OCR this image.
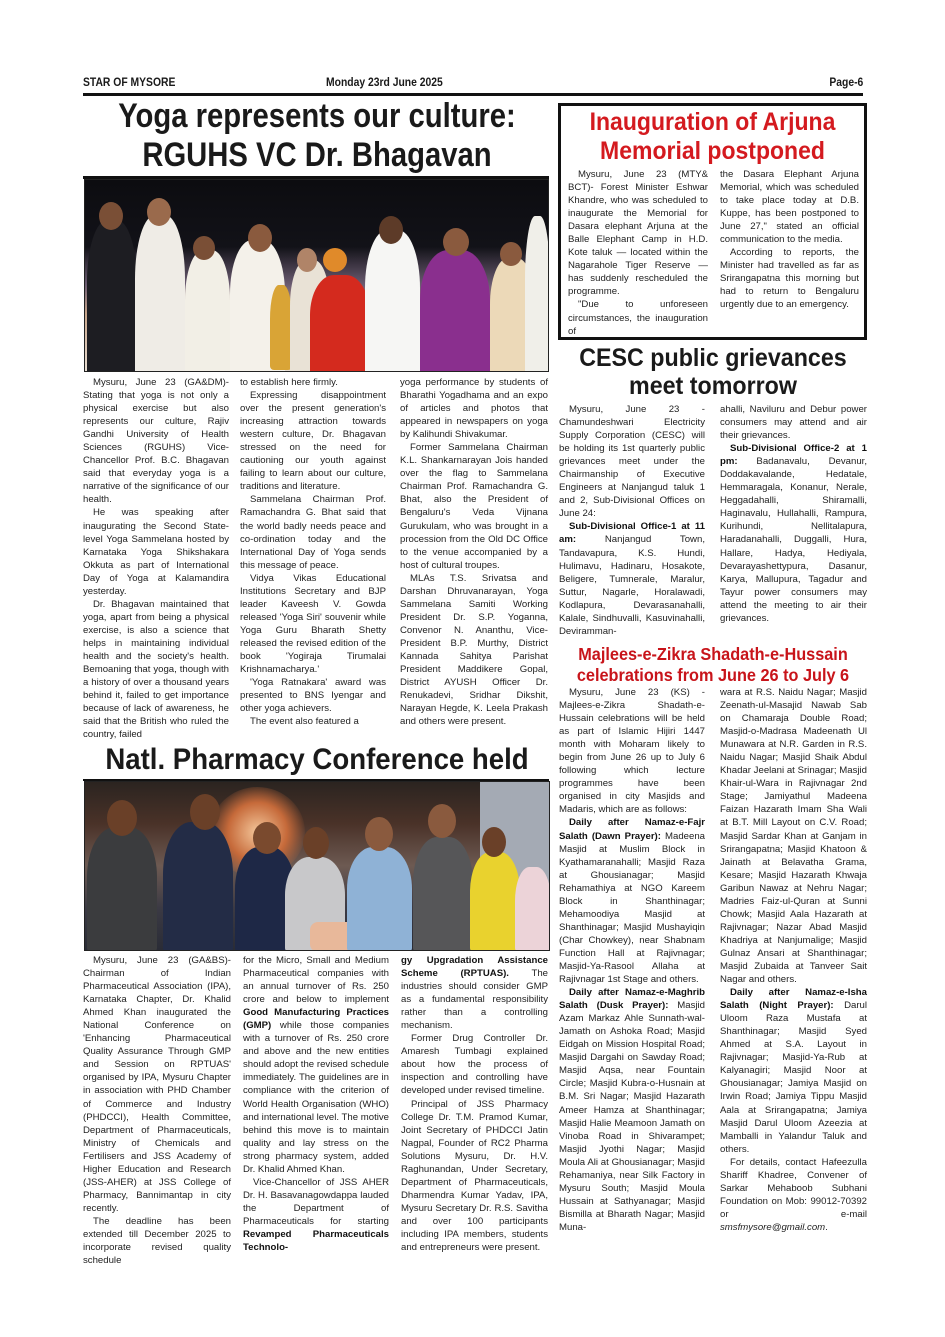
STAR OF MYSORE	Monday 23rd June 2025	Page-6
Yoga represents our culture:
RGUHS VC Dr. Bhagavan

Mysuru, June 23 (GA&DM)- Stating that yoga is not only a physical exercise but also represents our culture, Rajiv Gandhi University of Health Sciences (RGUHS) Vice-Chancellor Prof. B.C. Bhagavan said that everyday yoga is a narrative of the significance of our health.

He was speaking after inaugurating the Second State-level Yoga Sammelana hosted by Karnataka Yoga Shikshakara Okkuta as part of International Day of Yoga at Kalamandira yesterday.

Dr. Bhagavan maintained that yoga, apart from being a physical exercise, is also a science that helps in maintaining individual health and the society's health. Bemoaning that yoga, though with a history of over a thousand years behind it, failed to get importance because of lack of awareness, he said that the British who ruled the country, failed

to establish here firmly.

Expressing disappointment over the present generation's increasing attraction towards western culture, Dr. Bhagavan stressed on the need for cautioning our youth against failing to learn about our culture, traditions and literature.

Sammelana Chairman Prof. Ramachandra G. Bhat said that the world badly needs peace and co-ordination today and the International Day of Yoga sends this message of peace.

Vidya Vikas Educational Institutions Secretary and BJP leader Kaveesh V. Gowda released 'Yoga Siri' souvenir while Yoga Guru Bharath Shetty released the revised edition of the book 'Yogiraja Tirumalai Krishnamacharya.'

'Yoga Ratnakara' award was presented to BNS Iyengar and other yoga achievers.

The event also featured a

yoga performance by students of Bharathi Yogadhama and an expo of articles and photos that appeared in newspapers on yoga by Kalihundi Shivakumar.

Former Sammelana Chairman K.L. Shankarnarayan Jois handed over the flag to Sammelana Chairman Prof. Ramachandra G. Bhat, also the President of Bengaluru's Veda Vijnana Gurukulam, who was brought in a procession from the Old DC Office to the venue accompanied by a host of cultural troupes.

MLAs T.S. Srivatsa and Darshan Dhruvanarayan, Yoga Sammelana Samiti Working President Dr. S.P. Yoganna, Convenor N. Ananthu, Vice-President B.P. Murthy, District Kannada Sahitya Parishat President Maddikere Gopal, District AYUSH Officer Dr. Renukadevi, Sridhar Dikshit, Narayan Hegde, K. Leela Prakash and others were present.

Inauguration of Arjuna
Memorial postponed

Mysuru, June 23 (MTY& BCT)- Forest Minister Eshwar Khandre, who was scheduled to inaugurate the Memorial for Dasara elephant Arjuna at the Balle Elephant Camp in H.D. Kote taluk — located within the Nagarahole Tiger Reserve — has suddenly rescheduled the programme.

"Due to unforeseen circumstances, the inauguration of

the Dasara Elephant Arjuna Memorial, which was scheduled to take place today at D.B. Kuppe, has been postponed to June 27," stated an official communication to the media.

According to reports, the Minister had travelled as far as Srirangapatna this morning but had to return to Bengaluru urgently due to an emergency.

CESC public grievances
meet tomorrow

Mysuru, June 23 - Chamundeshwari Electricity Supply Corporation (CESC) will be holding its 1st quarterly public grievances meet under the Chairmanship of Executive Engineers at Nanjangud taluk 1 and 2, Sub-Divisional Offices on June 24:

Sub-Divisional Office-1 at 11 am: Nanjangud Town, Tandavapura, K.S. Hundi, Hulimavu, Hadinaru, Hosakote, Beligere, Tumnerale, Maralur, Suttur, Nagarle, Horalawadi, Kodlapura, Devarasanahalli, Kalale, Sindhuvalli, Kasuvinahalli, Deviramman-

ahalli, Naviluru and Debur power consumers may attend and air their grievances.

Sub-Divisional Office-2 at 1 pm: Badanavalu, Devanur, Doddakavalande, Hedatale, Hemmaragala, Konanur, Nerale, Heggadahalli, Shiramalli, Haginavalu, Hullahalli, Rampura, Kurihundi, Nellitalapura, Haradanahalli, Duggalli, Hura, Hallare, Hadya, Hediyala, Devarayashettypura, Dasanur, Karya, Mallupura, Tagadur and Tayur power consumers may attend the meeting to air their grievances.

Majlees-e-Zikra Shadath-e-Hussain
celebrations from June 26 to July 6

Mysuru, June 23 (KS) - Majlees-e-Zikra Shadath-e-Hussain celebrations will be held as part of Islamic Hijiri 1447 month with Moharam likely to begin from June 26 up to July 6 following which lecture programmes have been organised in city Masjids and Madaris, which are as follows:

Daily after Namaz-e-Fajr Salath (Dawn Prayer): Madeena Masjid at Muslim Block in Kyathamaranahalli; Masjid Raza at Ghousianagar; Masjid Rehamathiya at NGO Kareem Block in Shanthinagar; Mehamoodiya Masjid at Shanthinagar; Masjid Mushayiqin (Char Chowkey), near Shabnam Function Hall at Rajivnagar; Masjid-Ya-Rasool Allaha at Rajivnagar 1st Stage and others.

Daily after Namaz-e-Maghrib Salath (Dusk Prayer): Masjid Azam Markaz Ahle Sunnath-wal-Jamath on Ashoka Road; Masjid Eidgah on Mission Hospital Road; Masjid Dargahi on Sawday Road; Masjid Aqsa, near Fountain Circle; Masjid Kubra-o-Husnain at B.M. Sri Nagar; Masjid Hazarath Ameer Hamza at Shanthinagar; Masjid Halie Meamoon Jamath on Vinoba Road in Shivarampet; Masjid Jyothi Nagar; Masjid Moula Ali at Ghousianagar; Masjid Rehamaniya, near Silk Factory in Mysuru South; Masjid Moula Hussain at Sathyanagar; Masjid Bismilla at Bharath Nagar; Masjid Muna-

wara at R.S. Naidu Nagar; Masjid Zeenath-ul-Masajid Nawab Sab on Chamaraja Double Road; Masjid-o-Madrasa Madeenath Ul Munawara at N.R. Garden in R.S. Naidu Nagar; Masjid Shaik Abdul Khadar Jeelani at Srinagar; Masjid Khair-ul-Wara in Rajivnagar 2nd Stage; Jamiyathul Madeena Faizan Hazarath Imam Sha Wali at B.T. Mill Layout on C.V. Road; Masjid Sardar Khan at Ganjam in Srirangapatna; Masjid Khatoon & Jainath at Belavatha Grama, Kesare; Masjid Hazarath Khwaja Garibun Nawaz at Nehru Nagar; Madries Faiz-ul-Quran at Sunni Chowk; Masjid Aala Hazarath at Rajivnagar; Nazar Abad Masjid Khadriya at Nanjumalige; Masjid Gulnaz Ansari at Shanthinagar; Masjid Zubaida at Tanveer Sait Nagar and others.

Daily after Namaz-e-Isha Salath (Night Prayer): Darul Uloom Raza Mustafa at Shanthinagar; Masjid Syed Ahmed at S.A. Layout in Rajivnagar; Masjid-Ya-Rub at Kalyanagiri; Masjid Noor at Ghousianagar; Jamiya Masjid on Irwin Road; Jamiya Tippu Masjid Aala at Srirangapatna; Jamiya Masjid Darul Uloom Azeezia at Mamballi in Yalandur Taluk and others.

For details, contact Hafeezulla Shariff Khadree, Convener of Sarkar Mehaboob Subhani Foundation on Mob: 99012-70392 or e-mail smsfmysore@gmail.com.

Natl. Pharmacy Conference held

Mysuru, June 23 (GA&BS)- Chairman of Indian Pharmaceutical Association (IPA), Karnataka Chapter, Dr. Khalid Ahmed Khan inaugurated the National Conference on 'Enhancing Pharmaceutical Quality Assurance Through GMP and Session on RPTUAS' organised by IPA, Mysuru Chapter in association with PHD Chamber of Commerce and Industry (PHDCCI), Health Committee, Department of Pharmaceuticals, Ministry of Chemicals and Fertilisers and JSS Academy of Higher Education and Research (JSS-AHER) at JSS College of Pharmacy, Bannimantap in city recently.

The deadline has been extended till December 2025 to incorporate revised quality schedule

for the Micro, Small and Medium Pharmaceutical companies with an annual turnover of Rs. 250 crore and below to implement Good Manufacturing Practices (GMP) while those companies with a turnover of Rs. 250 crore and above and the new entities should adopt the revised schedule immediately. The guidelines are in compliance with the criterion of World Health Organisation (WHO) and international level. The motive behind this move is to maintain quality and lay stress on the strong pharmacy system, added Dr. Khalid Ahmed Khan.

Vice-Chancellor of JSS AHER Dr. H. Basavanagowdappa lauded the Department of Pharmaceuticals for starting Revamped Pharmaceuticals Technolo-

gy Upgradation Assistance Scheme (RPTUAS). The industries should consider GMP as a fundamental responsibility rather than a controlling mechanism.

Former Drug Controller Dr. Amaresh Tumbagi explained about how the process of inspection and controlling have developed under revised timeline.

Principal of JSS Pharmacy College Dr. T.M. Pramod Kumar, Joint Secretary of PHDCCI Jatin Nagpal, Founder of RC2 Pharma Solutions Mysuru, Dr. H.V. Raghunandan, Under Secretary, Department of Pharmaceuticals, Dharmendra Kumar Yadav, IPA, Mysuru Secretary Dr. R.S. Savitha and over 100 participants including IPA members, students and entrepreneurs were present.
